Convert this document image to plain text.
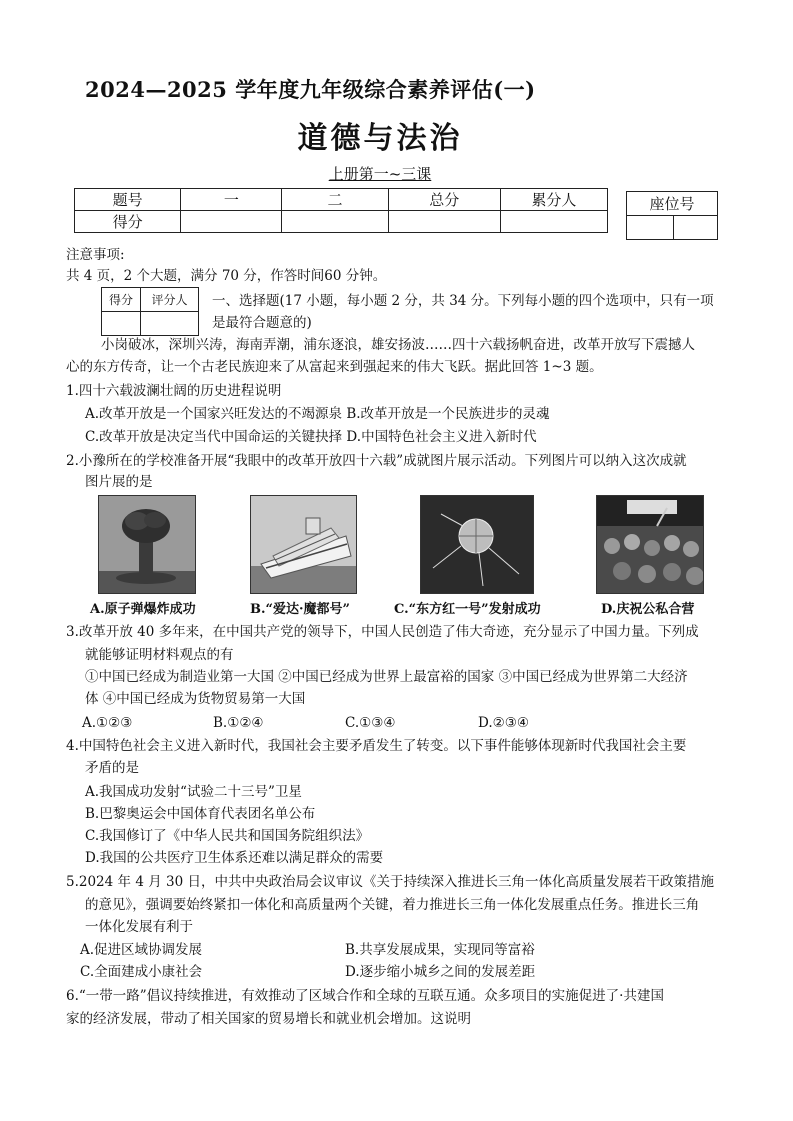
2024—2025 学年度九年级综合素养评估(一)
道德与法治
上册第一~三课
题号	一	二	总分	累分人
得分				
座位号

注意事项:
共 4 页，2 个大题，满分 70 分，作答时间60 分钟。
得分	评分人
	一、选择题(17 小题，每小题 2 分，共 34 分。下列每小题的四个选项中，只有一项
是最符合题意的)
小岗破冰，深圳兴涛，海南弄潮，浦东逐浪，雄安扬波……四十六载扬帆奋进，改革开放写下震撼人
心的东方传奇，让一个古老民族迎来了从富起来到强起来的伟大飞跃。据此回答 1~3 题。
1.四十六载波澜壮阔的历史进程说明
A.改革开放是一个国家兴旺发达的不竭源泉 B.改革开放是一个民族进步的灵魂
C.改革开放是决定当代中国命运的关键抉择 D.中国特色社会主义进入新时代
2.小豫所在的学校准备开展“我眼中的改革开放四十六载”成就图片展示活动。下列图片可以纳入这次成就
图片展的是
A.原子弹爆炸成功	B.“爱达·魔都号”	C.“东方红一号”发射成功	D.庆祝公私合营
3.改革开放 40 多年来，在中国共产党的领导下，中国人民创造了伟大奇迹，充分显示了中国力量。下列成
就能够证明材料观点的有
①中国已经成为制造业第一大国 ②中国已经成为世界上最富裕的国家 ③中国已经成为世界第二大经济
体 ④中国已经成为货物贸易第一大国
A.①②③	B.①②④	C.①③④	D.②③④
4.中国特色社会主义进入新时代，我国社会主要矛盾发生了转变。以下事件能够体现新时代我国社会主要
矛盾的是
A.我国成功发射“试验二十三号”卫星
B.巴黎奥运会中国体育代表团名单公布
C.我国修订了《中华人民共和国国务院组织法》
D.我国的公共医疗卫生体系还难以满足群众的需要
5.2024 年 4 月 30 日，中共中央政治局会议审议《关于持续深入推进长三角一体化高质量发展若干政策措施
的意见》，强调要始终紧扣一体化和高质量两个关键，着力推进长三角一体化发展重点任务。推进长三角
一体化发展有利于
A.促进区域协调发展	B.共享发展成果，实现同等富裕
C.全面建成小康社会	D.逐步缩小城乡之间的发展差距
6.“一带一路”倡议持续推进，有效推动了区域合作和全球的互联互通。众多项目的实施促进了·共建国
家的经济发展，带动了相关国家的贸易增长和就业机会增加。这说明
